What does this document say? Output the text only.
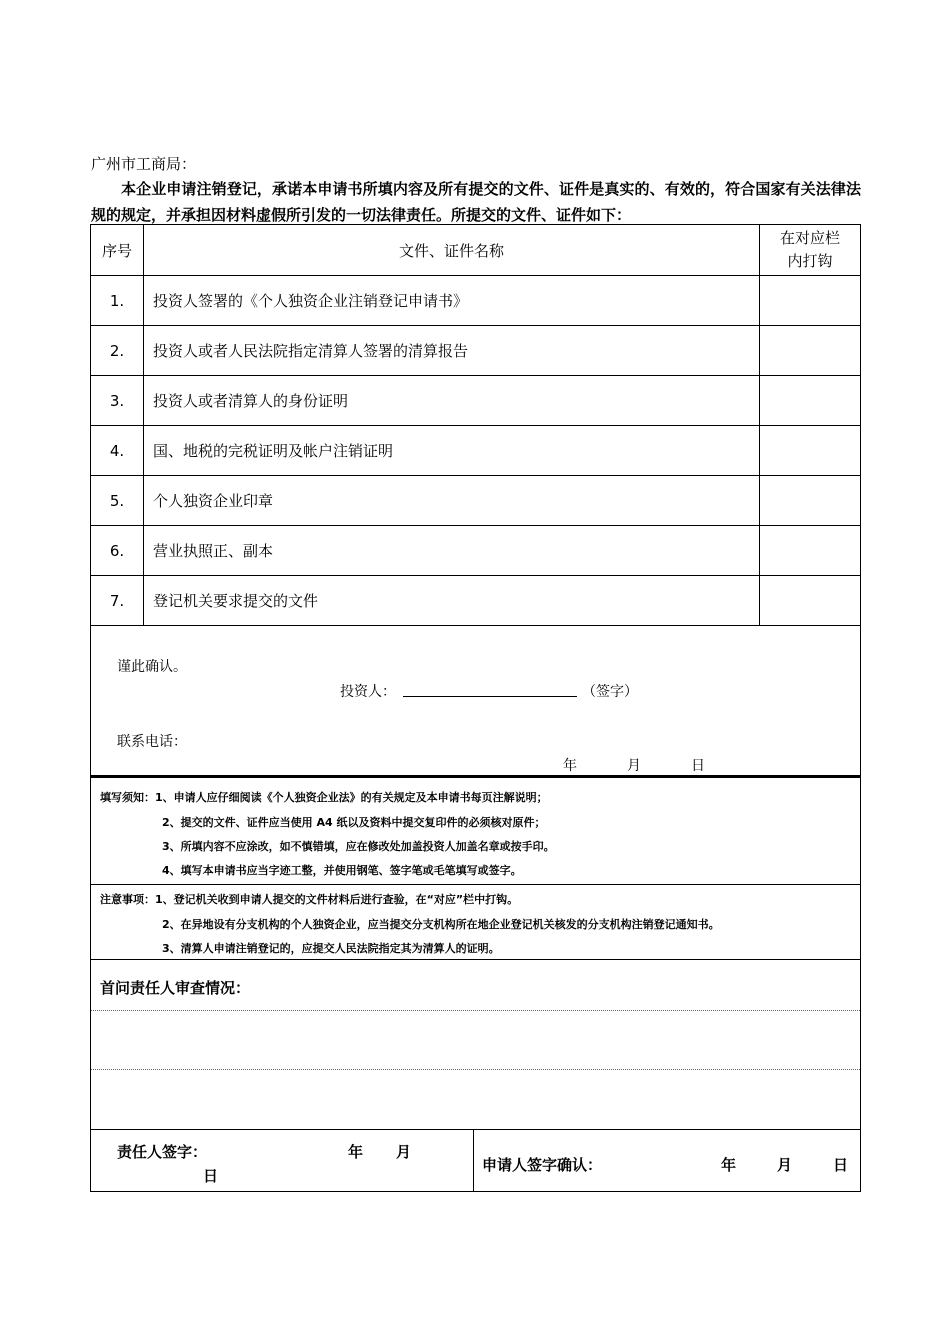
广州市工商局：
本企业申请注销登记，承诺本申请书所填内容及所有提交的文件、证件是真实的、有效的，符合国家有关法律法规的规定，并承担因材料虚假所引发的一切法律责任。所提交的文件、证件如下：
序号	文件、证件名称	在对应栏内打钩
1.	投资人签署的《个人独资企业注销登记申请书》	
2.	投资人或者人民法院指定清算人签署的清算报告	
3.	投资人或者清算人的身份证明	
4.	国、地税的完税证明及帐户注销证明	
5.	个人独资企业印章	
6.	营业执照正、副本	
7.	登记机关要求提交的文件	
谨此确认。
投资人：	（签字）
联系电话：
年	月	日
填写须知：1、申请人应仔细阅读《个人独资企业法》的有关规定及本申请书每页注解说明；
2、提交的文件、证件应当使用 A4 纸以及资料中提交复印件的必须核对原件；
3、所填内容不应涂改，如不慎错填，应在修改处加盖投资人加盖名章或按手印。
4、填写本申请书应当字迹工整，并使用钢笔、签字笔或毛笔填写或签字。
注意事项：1、登记机关收到申请人提交的文件材料后进行查验，在“对应”栏中打钩。
2、在异地设有分支机构的个人独资企业，应当提交分支机构所在地企业登记机关核发的分支机构注销登记通知书。
3、清算人申请注销登记的，应提交人民法院指定其为清算人的证明。
首问责任人审查情况：
责任人签字：	年 月
日
申请人签字确认：	年	月	日
